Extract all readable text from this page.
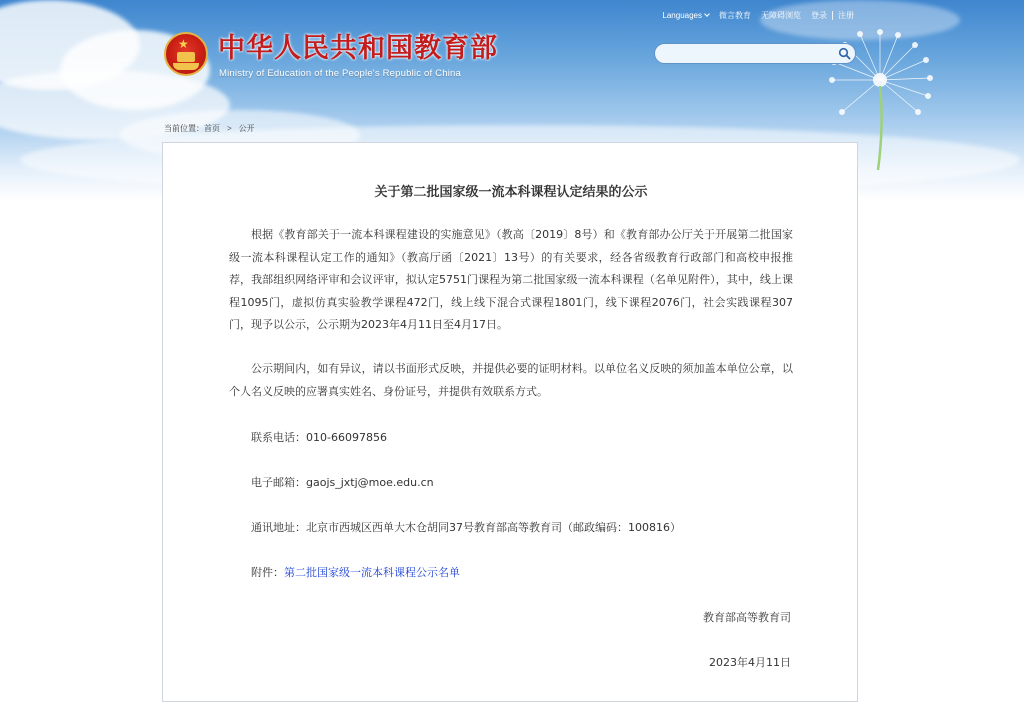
Languages	微言教育	无障碍浏览	登录	注册
★ 中华人民共和国教育部
Ministry of Education of the People's Republic of China
当前位置： 首页 > 公开
关于第二批国家级一流本科课程认定结果的公示

根据《教育部关于一流本科课程建设的实施意见》（教高〔2019〕8号）和《教育部办公厅关于开展第二批国家级一流本科课程认定工作的通知》（教高厅函〔2021〕13号）的有关要求，经各省级教育行政部门和高校申报推荐，我部组织网络评审和会议评审，拟认定5751门课程为第二批国家级一流本科课程（名单见附件），其中，线上课程1095门，虚拟仿真实验教学课程472门，线上线下混合式课程1801门，线下课程2076门，社会实践课程307门，现予以公示，公示期为2023年4月11日至4月17日。

公示期间内，如有异议，请以书面形式反映，并提供必要的证明材料。以单位名义反映的须加盖本单位公章，以个人名义反映的应署真实姓名、身份证号，并提供有效联系方式。

联系电话：010-66097856
电子邮箱：gaojs_jxtj@moe.edu.cn
通讯地址：北京市西城区西单大木仓胡同37号教育部高等教育司（邮政编码：100816）
附件：第二批国家级一流本科课程公示名单
教育部高等教育司
2023年4月11日
